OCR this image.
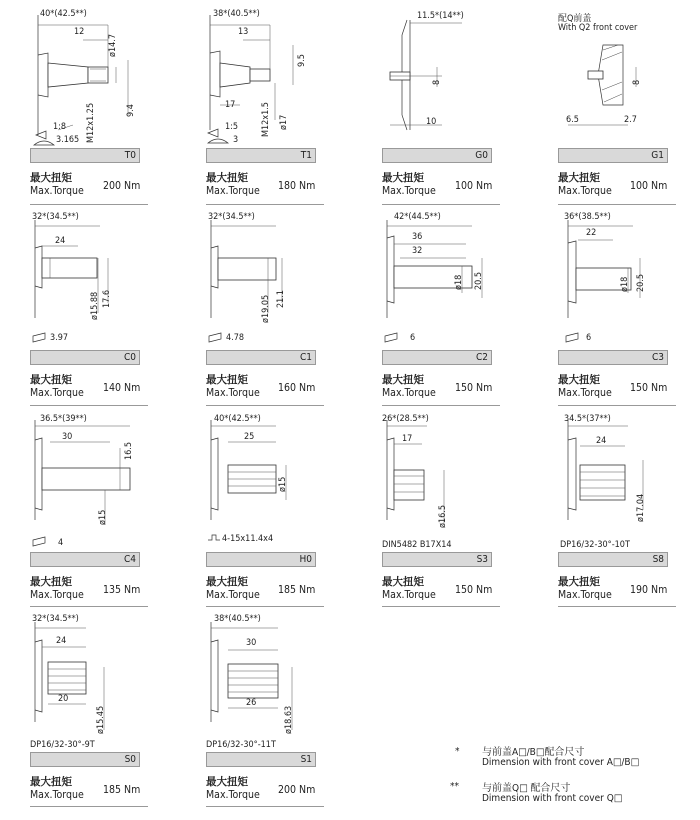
40*(42.5**)
12
ø14.7
9.4
M12x1.25
1:8
3.165
38*(40.5**)
13
9.5
17	M12x1.5 ø17
1:5
3
11.5*(14**)
8
10
配Q前盖
With Q2 front cover
8
6.5	2.7
T0	T1	G0	G1
最大扭矩
Max.Torque 200 Nm
最大扭矩
Max.Torque 180 Nm
最大扭矩
Max.Torque 100 Nm
最大扭矩
Max.Torque 100 Nm
32*(34.5**)
24
ø15.88 17.6
3.97
32*(34.5**)
ø19.05 21.1
4.78
42*(44.5**)
36
32
ø18 20.5
6
36*(38.5**)
22
ø18 20.5
6
C0	C1	C2	C3
最大扭矩
Max.Torque 140 Nm
最大扭矩
Max.Torque 160 Nm
最大扭矩
Max.Torque 150 Nm
最大扭矩
Max.Torque 150 Nm
36.5*(39**)
30
16.5
ø15
4
40*(42.5**)
25
ø15
4-15x11.4x4
26*(28.5**)
17
ø16.5
DIN5482 B17X14
34.5*(37**)
24
ø17.04
DP16/32-30°-10T
C4	H0	S3	S8
最大扭矩
Max.Torque 135 Nm
最大扭矩
Max.Torque 185 Nm
最大扭矩
Max.Torque 150 Nm
最大扭矩
Max.Torque 190 Nm
32*(34.5**)
24
20
ø15.45
DP16/32-30°-9T
38*(40.5**)
30
26
ø18.63
DP16/32-30°-11T
S0	S1
最大扭矩
Max.Torque 185 Nm
最大扭矩
Max.Torque 200 Nm
* 与前盖A□/B□配合尺寸
Dimension with front cover A□/B□
** 与前盖Q□ 配合尺寸
Dimension with front cover Q□
